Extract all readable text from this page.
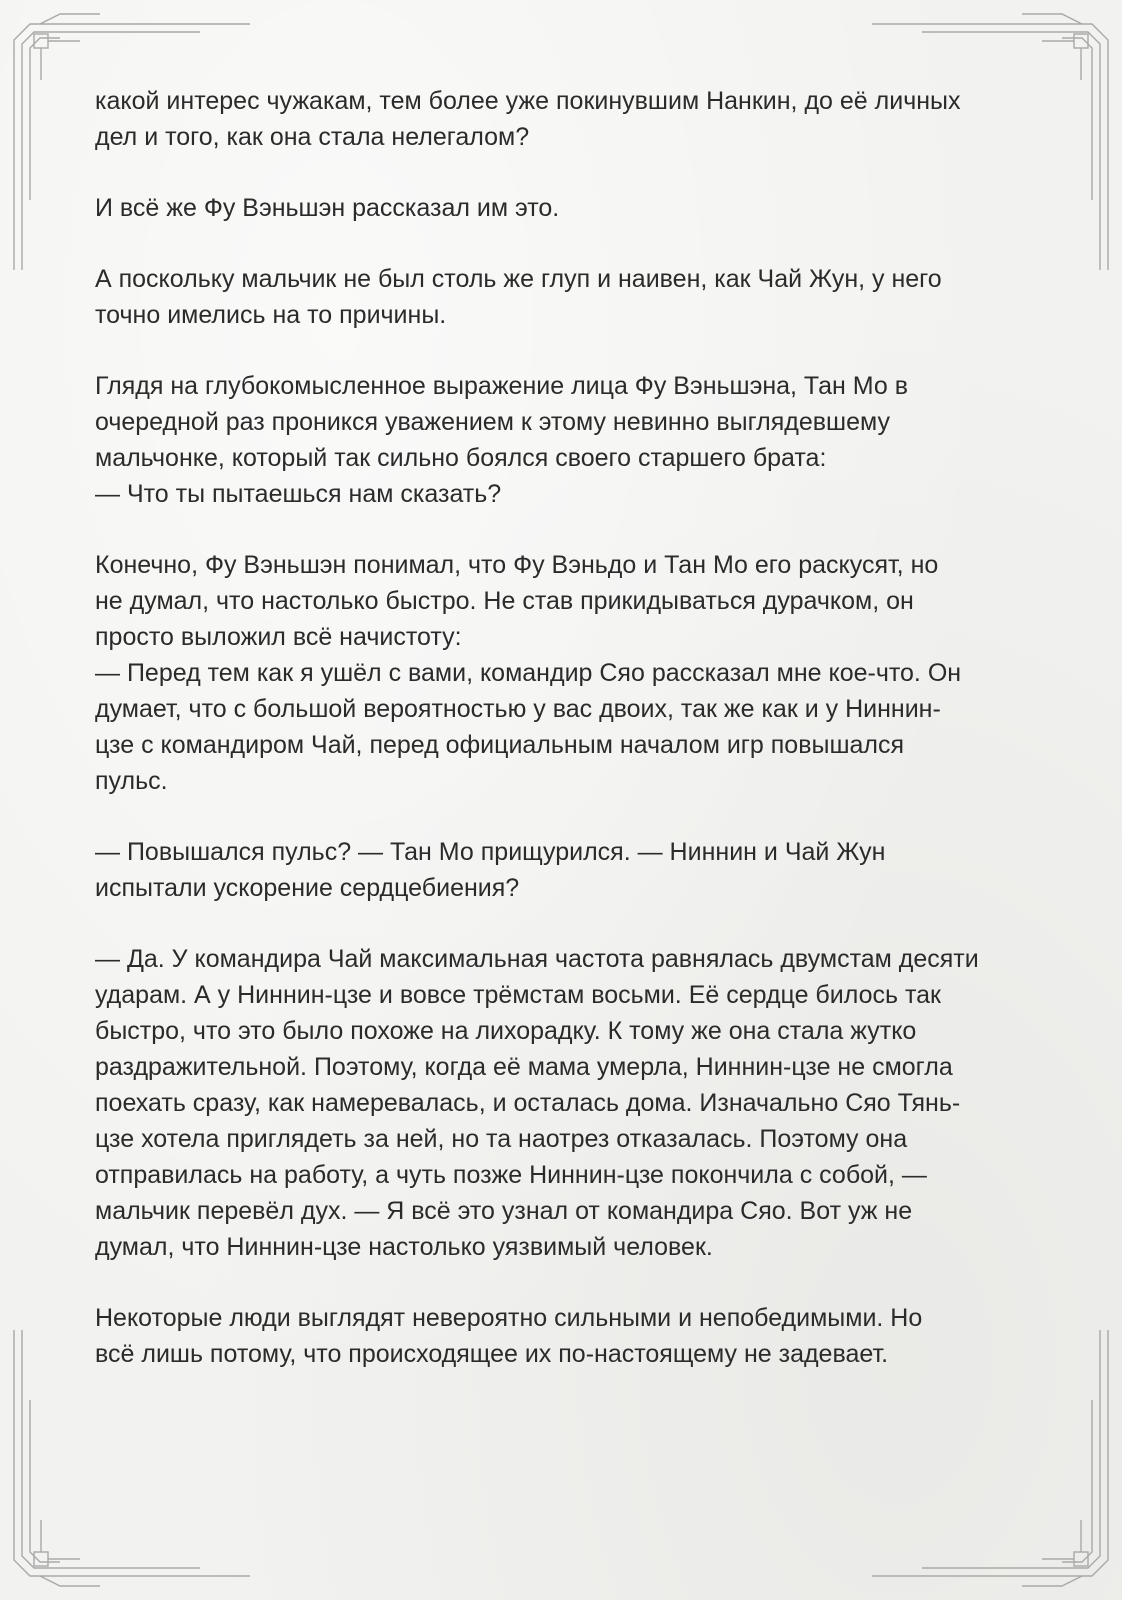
какой интерес чужакам, тем более уже покинувшим Нанкин, до её личных
дел и того, как она стала нелегалом?

И всё же Фу Вэньшэн рассказал им это.

А поскольку мальчик не был столь же глуп и наивен, как Чай Жун, у него
точно имелись на то причины.

Глядя на глубокомысленное выражение лица Фу Вэньшэна, Тан Мо в
очередной раз проникся уважением к этому невинно выглядевшему
мальчонке, который так сильно боялся своего старшего брата:
— Что ты пытаешься нам сказать?

Конечно, Фу Вэньшэн понимал, что Фу Вэньдо и Тан Мо его раскусят, но
не думал, что настолько быстро. Не став прикидываться дурачком, он
просто выложил всё начистоту:
— Перед тем как я ушёл с вами, командир Сяо рассказал мне кое-что. Он
думает, что с большой вероятностью у вас двоих, так же как и у Ниннин-
цзе с командиром Чай, перед официальным началом игр повышался
пульс.

— Повышался пульс? — Тан Мо прищурился. — Ниннин и Чай Жун
испытали ускорение сердцебиения?

— Да. У командира Чай максимальная частота равнялась двумстам десяти
ударам. А у Ниннин-цзе и вовсе трёмстам восьми. Её сердце билось так
быстро, что это было похоже на лихорадку. К тому же она стала жутко
раздражительной. Поэтому, когда её мама умерла, Ниннин-цзе не смогла
поехать сразу, как намеревалась, и осталась дома. Изначально Сяо Тянь-
цзе хотела приглядеть за ней, но та наотрез отказалась. Поэтому она
отправилась на работу, а чуть позже Ниннин-цзе покончила с собой, —
мальчик перевёл дух. — Я всё это узнал от командира Сяо. Вот уж не
думал, что Ниннин-цзе настолько уязвимый человек.

Некоторые люди выглядят невероятно сильными и непобедимыми. Но
всё лишь потому, что происходящее их по-настоящему не задевает.
